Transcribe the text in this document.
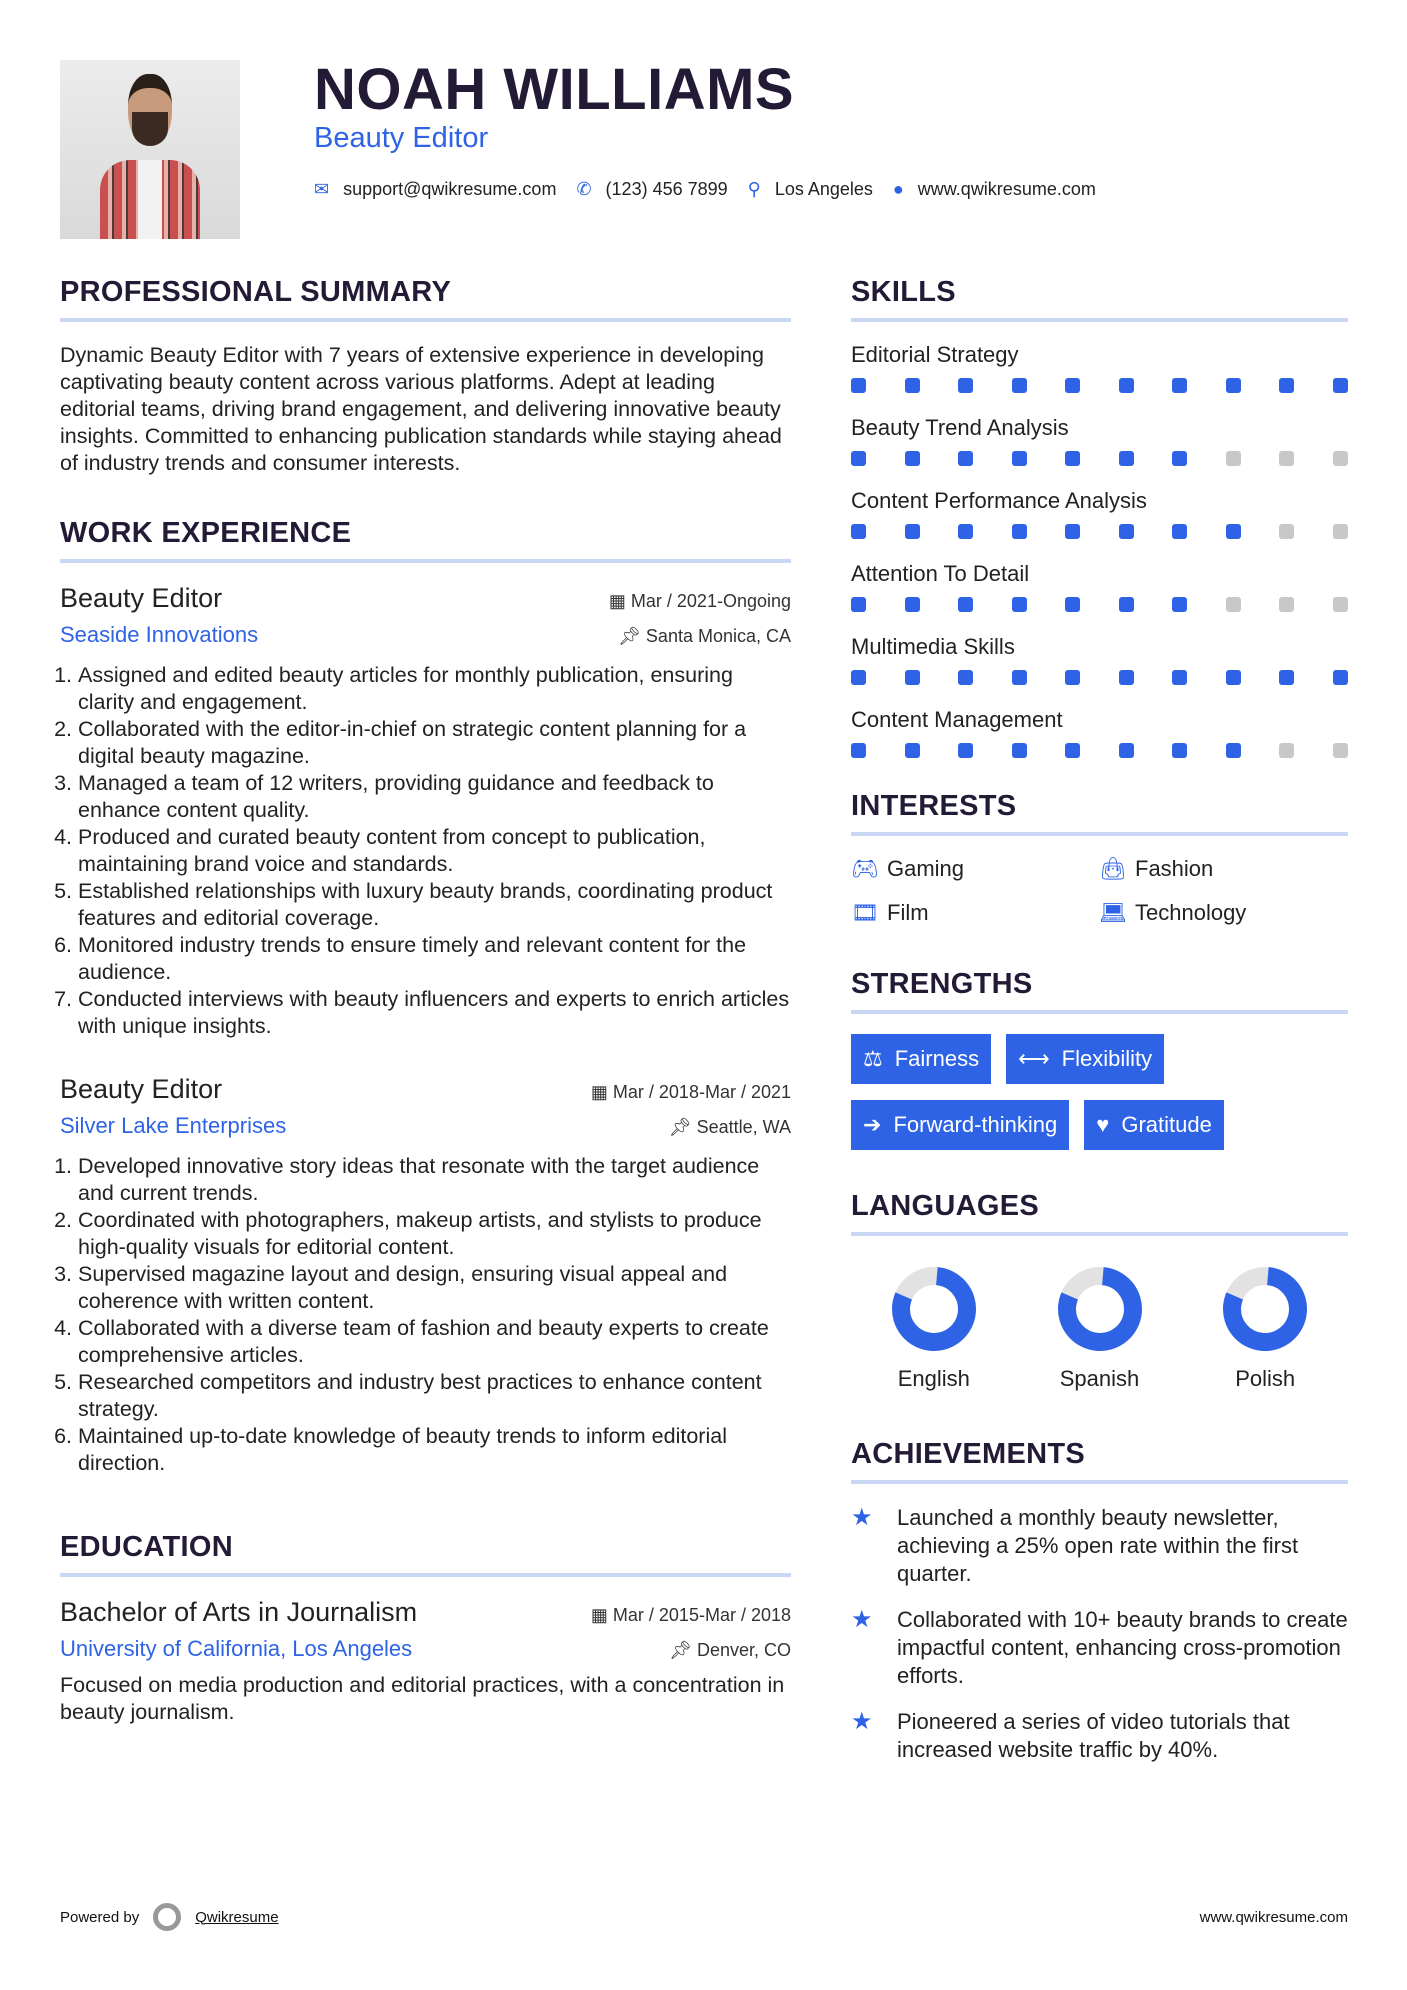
NOAH WILLIAMS
Beauty Editor
✉ support@qwikresume.com ✆ (123) 456 7899 ⚲ Los Angeles ● www.qwikresume.com
PROFESSIONAL SUMMARY

Dynamic Beauty Editor with 7 years of extensive experience in developing captivating beauty content across various platforms. Adept at leading editorial teams, driving brand engagement, and delivering innovative beauty insights. Committed to enhancing publication standards while staying ahead of industry trends and consumer interests.

WORK EXPERIENCE
Beauty Editor	▦ Mar / 2021-Ongoing
Seaside Innovations	📌︎ Santa Monica, CA
1. Assigned and edited beauty articles for monthly publication, ensuring clarity and engagement.
2. Collaborated with the editor-in-chief on strategic content planning for a digital beauty magazine.
3. Managed a team of 12 writers, providing guidance and feedback to enhance content quality.
4. Produced and curated beauty content from concept to publication, maintaining brand voice and standards.
5. Established relationships with luxury beauty brands, coordinating product features and editorial coverage.
6. Monitored industry trends to ensure timely and relevant content for the audience.
7. Conducted interviews with beauty influencers and experts to enrich articles with unique insights.
Beauty Editor	▦ Mar / 2018-Mar / 2021
Silver Lake Enterprises	📌︎ Seattle, WA
1. Developed innovative story ideas that resonate with the target audience and current trends.
2. Coordinated with photographers, makeup artists, and stylists to produce high-quality visuals for editorial content.
3. Supervised magazine layout and design, ensuring visual appeal and coherence with written content.
4. Collaborated with a diverse team of fashion and beauty experts to create comprehensive articles.
5. Researched competitors and industry best practices to enhance content strategy.
6. Maintained up-to-date knowledge of beauty trends to inform editorial direction.
EDUCATION
Bachelor of Arts in Journalism	▦ Mar / 2015-Mar / 2018
University of California, Los Angeles	📌︎ Denver, CO

Focused on media production and editorial practices, with a concentration in beauty journalism.

SKILLS
Editorial Strategy
Beauty Trend Analysis
Content Performance Analysis
Attention To Detail
Multimedia Skills
Content Management
INTERESTS
🎮︎ Gaming	👜︎ Fashion
🎞︎ Film	💻︎ Technology
STRENGTHS
⚖ Fairness ⟷ Flexibility
➔ Forward-thinking ♥ Gratitude
LANGUAGES
English	Spanish	Polish
ACHIEVEMENTS
★	Launched a monthly beauty newsletter, achieving a 25% open rate within the first quarter.
★	Collaborated with 10+ beauty brands to create impactful content, enhancing cross-promotion efforts.
★	Pioneered a series of video tutorials that increased website traffic by 40%.
Powered by	Qwikresume	www.qwikresume.com
